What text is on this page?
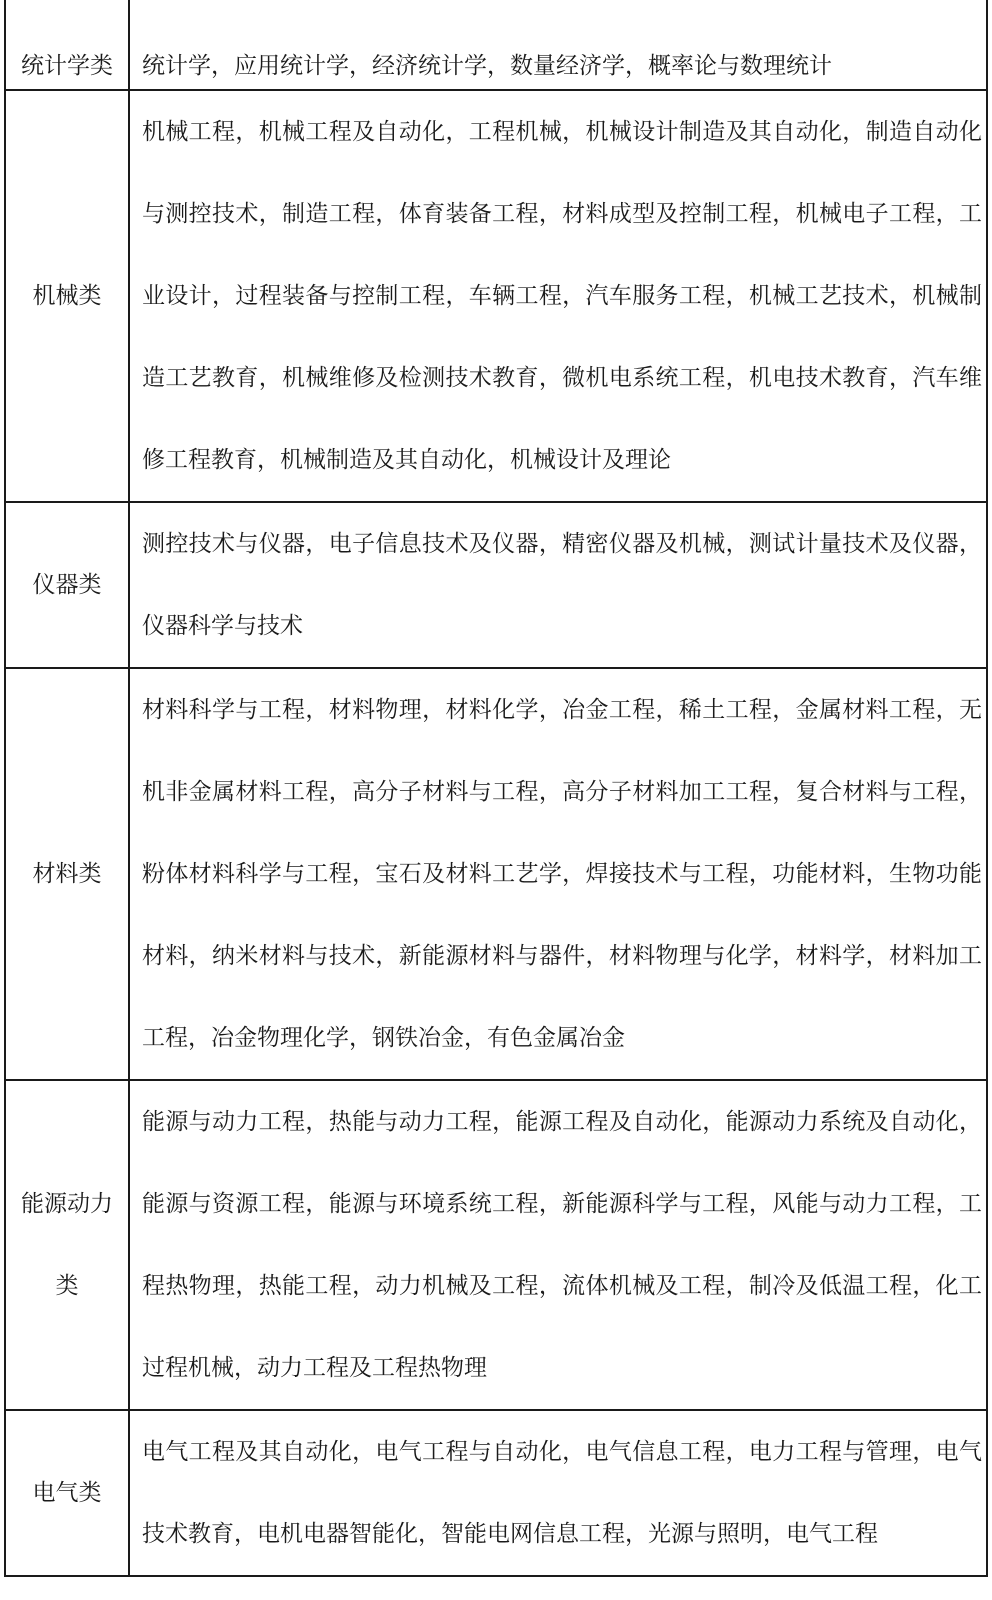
统计学类	统计学，应用统计学，经济统计学，数量经济学，概率论与数理统计

机械类	机械工程，机械工程及自动化，工程机械，机械设计制造及其自动化，制造自动化与测控技术，制造工程，体育装备工程，材料成型及控制工程，机械电子工程，工业设计，过程装备与控制工程，车辆工程，汽车服务工程，机械工艺技术，机械制造工艺教育，机械维修及检测技术教育，微机电系统工程，机电技术教育，汽车维修工程教育，机械制造及其自动化，机械设计及理论

仪器类	测控技术与仪器，电子信息技术及仪器，精密仪器及机械，测试计量技术及仪器，仪器科学与技术

材料类	材料科学与工程，材料物理，材料化学，冶金工程，稀土工程，金属材料工程，无机非金属材料工程，高分子材料与工程，高分子材料加工工程，复合材料与工程，粉体材料科学与工程，宝石及材料工艺学，焊接技术与工程，功能材料，生物功能材料，纳米材料与技术，新能源材料与器件，材料物理与化学，材料学，材料加工工程，冶金物理化学，钢铁冶金，有色金属冶金

能源动力类	能源与动力工程，热能与动力工程，能源工程及自动化，能源动力系统及自动化，能源与资源工程，能源与环境系统工程，新能源科学与工程，风能与动力工程，工程热物理，热能工程，动力机械及工程，流体机械及工程，制冷及低温工程，化工过程机械，动力工程及工程热物理

电气类	电气工程及其自动化，电气工程与自动化，电气信息工程，电力工程与管理，电气技术教育，电机电器智能化，智能电网信息工程，光源与照明，电气工程
